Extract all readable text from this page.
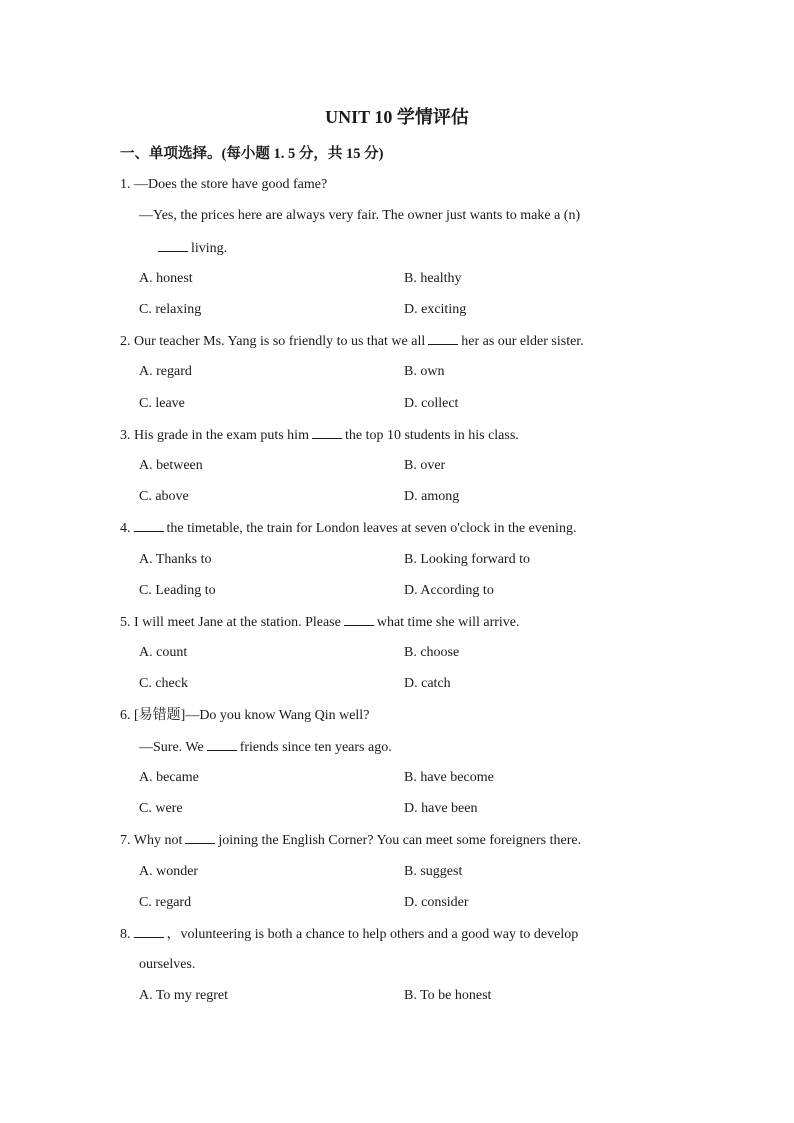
UNIT 10 学情评估
一、单项选择。(每小题 1. 5 分，共 15 分)
1. —Does the store have good fame?
—Yes, the prices here are always very fair. The owner just wants to make a (n)
living.
A. honest	B. healthy
C. relaxing	D. exciting
2. Our teacher Ms. Yang is so friendly to us that we all	her as our elder sister.
A. regard	B. own
C. leave	D. collect
3. His grade in the exam puts him	the top 10 students in his class.
A. between	B. over
C. above	D. among
4.	the timetable, the train for London leaves at seven o'clock in the evening.
A. Thanks to	B. Looking forward to
C. Leading to	D. According to
5. I will meet Jane at the station. Please	what time she will arrive.
A. count	B. choose
C. check	D. catch
6. [易错题]—Do you know Wang Qin well?
—Sure. We	friends since ten years ago.
A. became	B. have become
C. were	D. have been
7. Why not	joining the English Corner? You can meet some foreigners there.
A. wonder	B. suggest
C. regard	D. consider
8.	，volunteering is both a chance to help others and a good way to develop
ourselves.
A. To my regret	B. To be honest
